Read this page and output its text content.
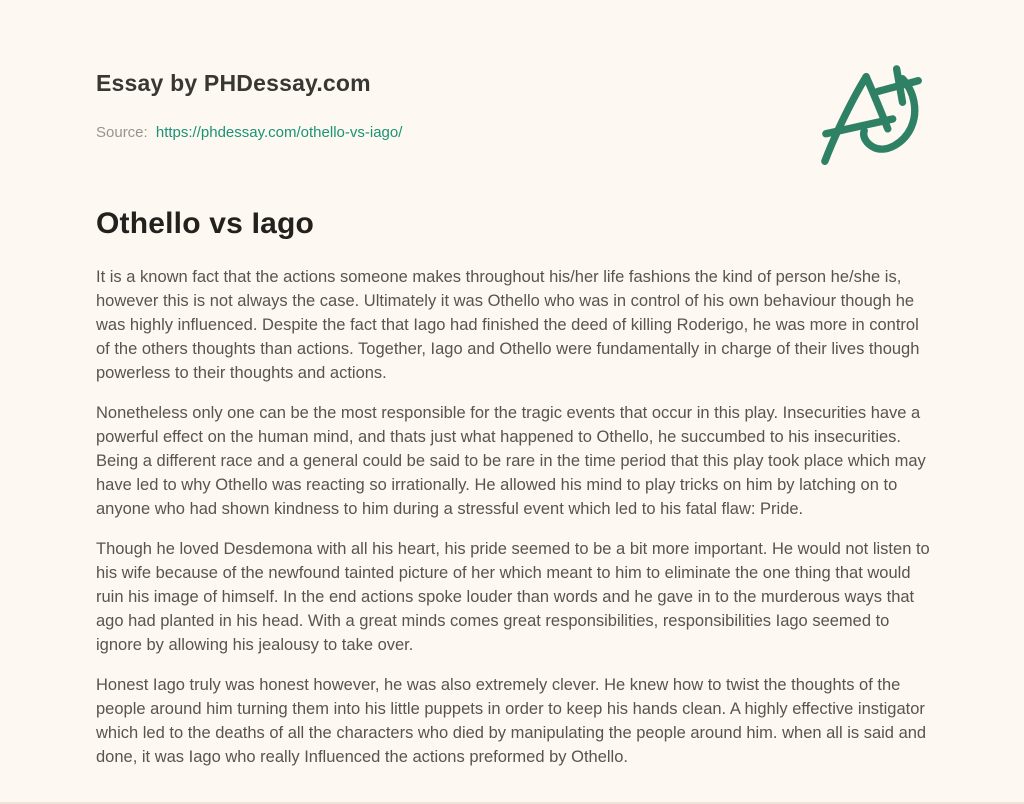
Essay by PHDessay.com

Source: https://phdessay.com/othello-vs-iago/

Othello vs Iago

It is a known fact that the actions someone makes throughout his/her life fashions the kind of person he/she is, however this is not always the case. Ultimately it was Othello who was in control of his own behaviour though he was highly influenced. Despite the fact that Iago had finished the deed of killing Roderigo, he was more in control of the others thoughts than actions. Together, Iago and Othello were fundamentally in charge of their lives though powerless to their thoughts and actions.

Nonetheless only one can be the most responsible for the tragic events that occur in this play. Insecurities have a powerful effect on the human mind, and thats just what happened to Othello, he succumbed to his insecurities. Being a different race and a general could be said to be rare in the time period that this play took place which may have led to why Othello was reacting so irrationally. He allowed his mind to play tricks on him by latching on to anyone who had shown kindness to him during a stressful event which led to his fatal flaw: Pride.

Though he loved Desdemona with all his heart, his pride seemed to be a bit more important. He would not listen to his wife because of the newfound tainted picture of her which meant to him to eliminate the one thing that would ruin his image of himself. In the end actions spoke louder than words and he gave in to the murderous ways that ago had planted in his head. With a great minds comes great responsibilities, responsibilities Iago seemed to ignore by allowing his jealousy to take over.

Honest Iago truly was honest however, he was also extremely clever. He knew how to twist the thoughts of the people around him turning them into his little puppets in order to keep his hands clean. A highly effective instigator which led to the deaths of all the characters who died by manipulating the people around him. when all is said and done, it was Iago who really Influenced the actions preformed by Othello.
